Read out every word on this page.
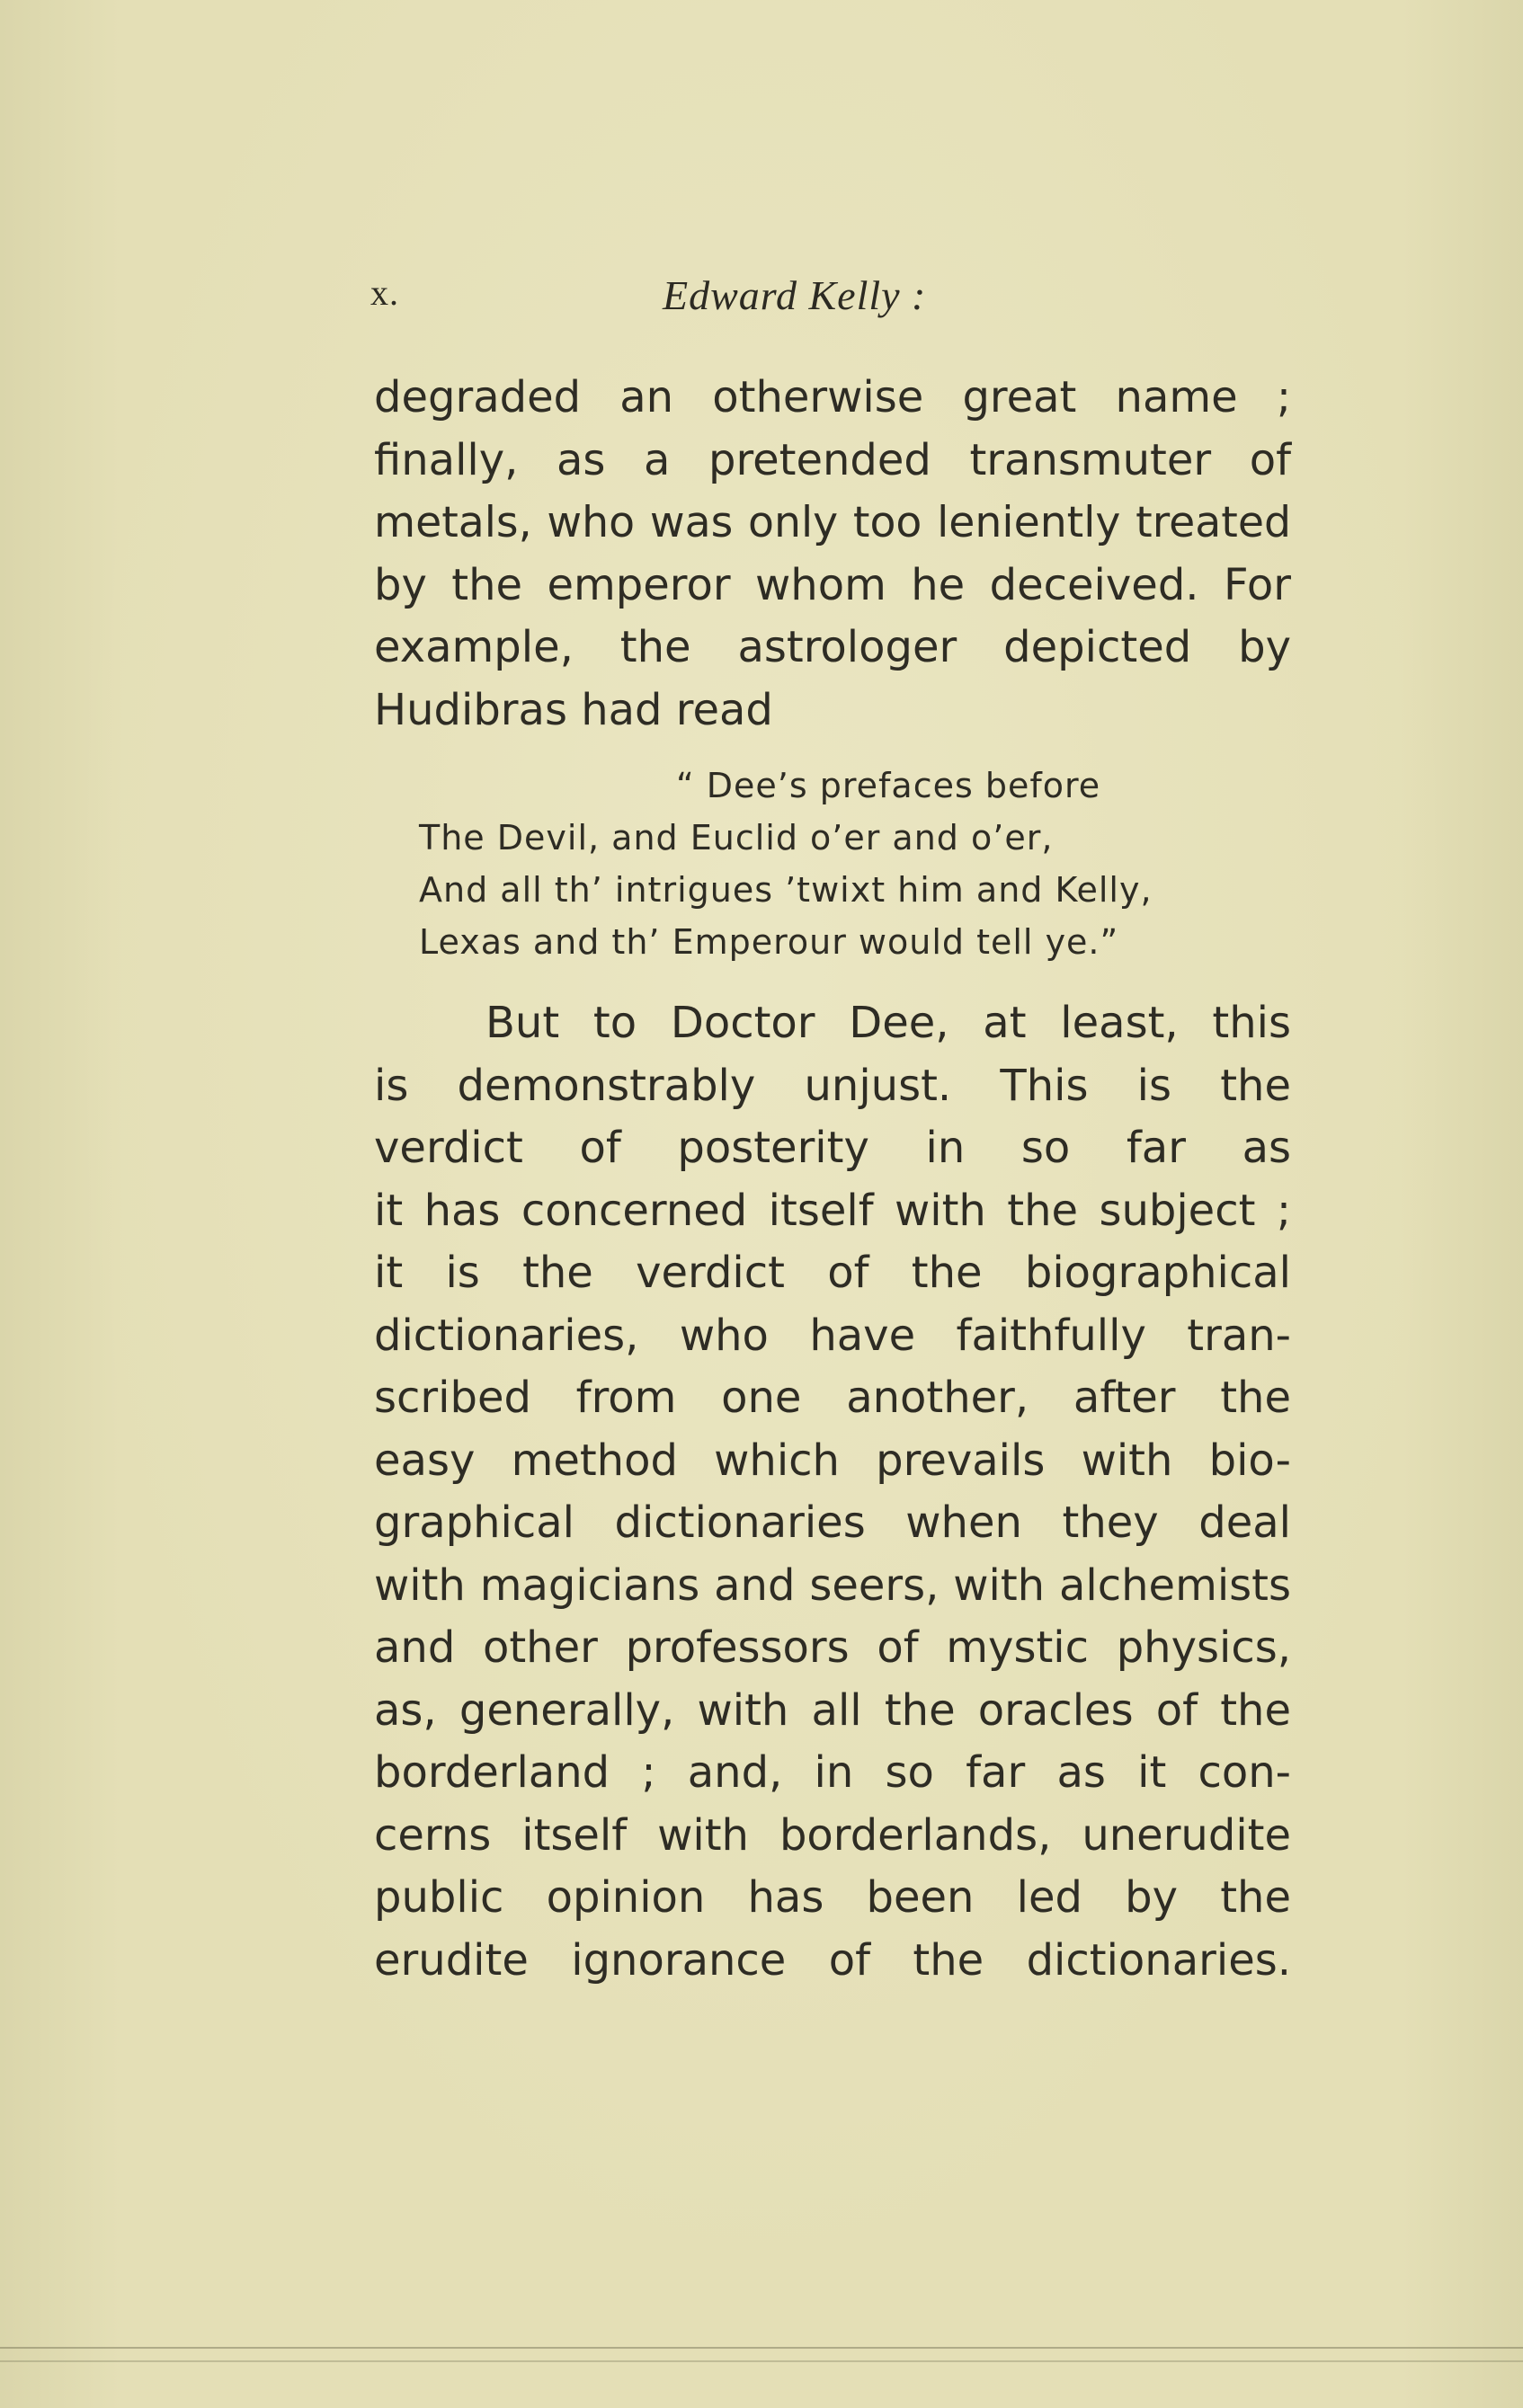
x.	Edward Kelly :
degraded an otherwise great name ;
finally, as a pretended transmuter of
metals, who was only too leniently treated
by the emperor whom he deceived. For
example, the astrologer depicted by
Hudibras had read
“ Dee’s prefaces before
The Devil, and Euclid o’er and o’er,
And all th’ intrigues ’twixt him and Kelly,
Lexas and th’ Emperour would tell ye.”
But to Doctor Dee, at least, this
is demonstrably unjust. This is the
verdict of posterity in so far as
it has concerned itself with the subject ;
it is the verdict of the biographical
dictionaries, who have faithfully tran-
scribed from one another, after the
easy method which prevails with bio-
graphical dictionaries when they deal
with magicians and seers, with alchemists
and other professors of mystic physics,
as, generally, with all the oracles of the
borderland ; and, in so far as it con-
cerns itself with borderlands, unerudite
public opinion has been led by the
erudite ignorance of the dictionaries.
